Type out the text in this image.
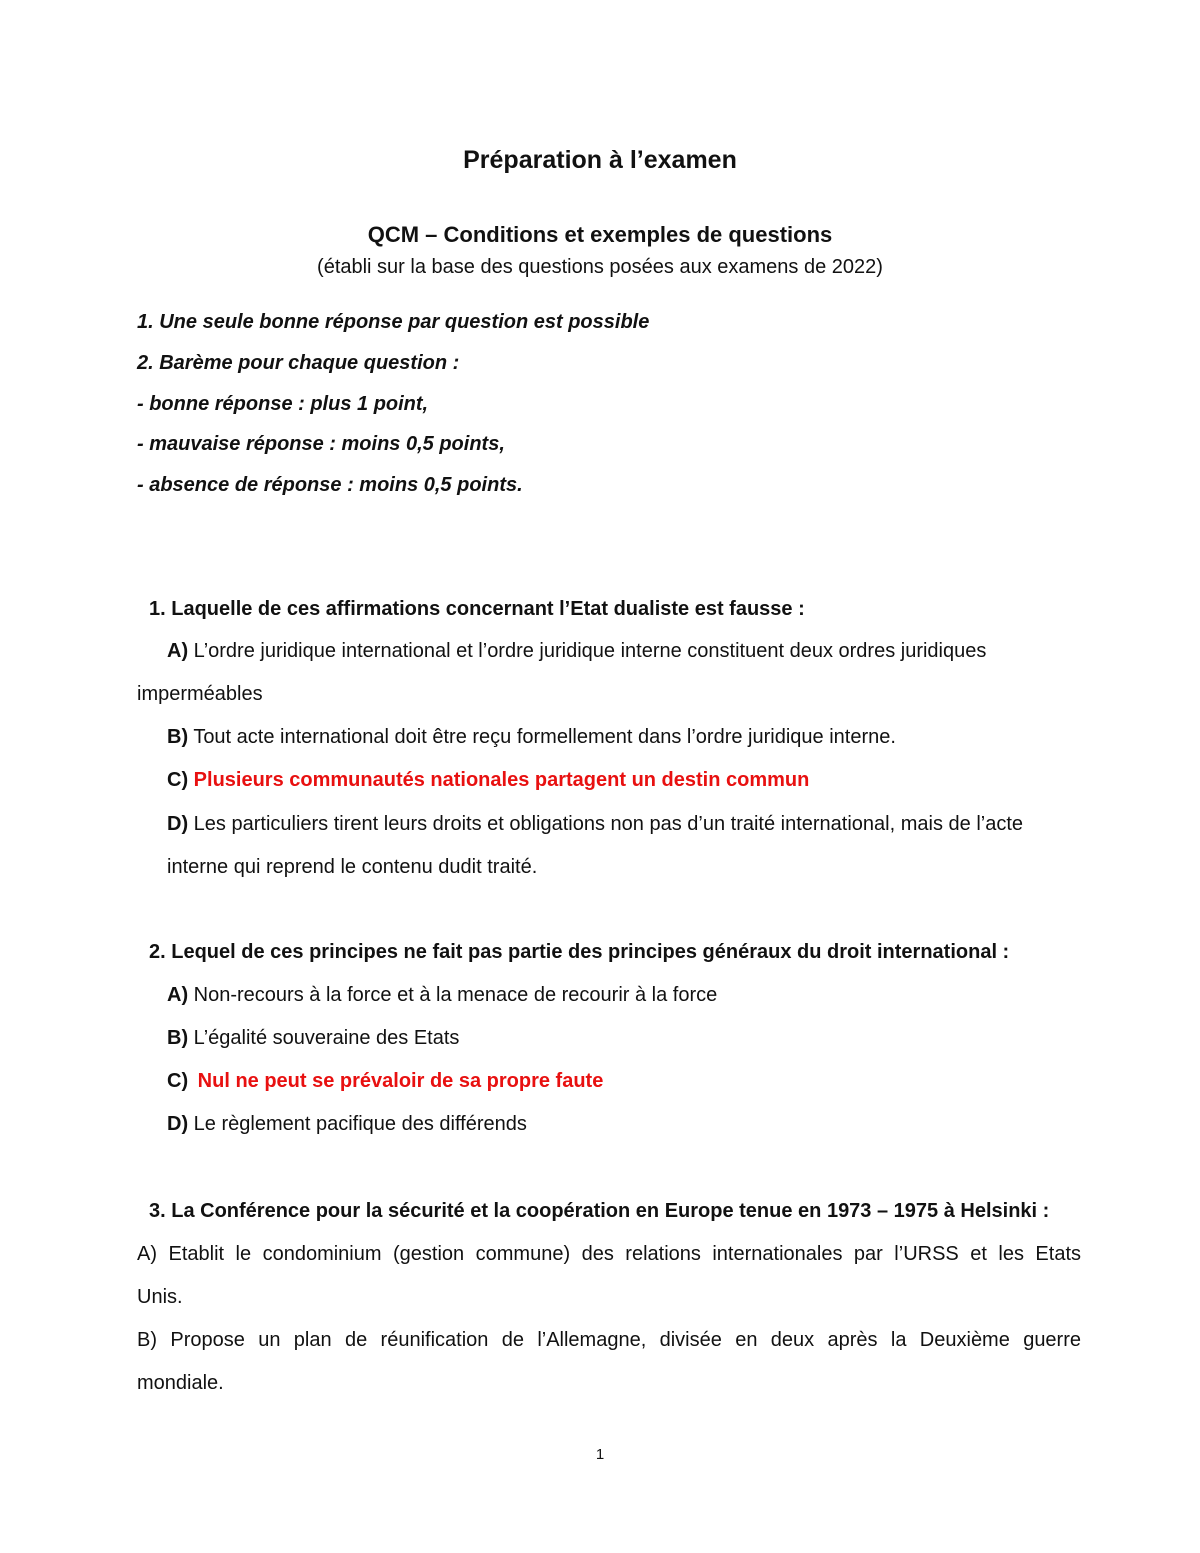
Préparation à l’examen
QCM – Conditions et exemples de questions
(établi sur la base des questions posées aux examens de 2022)
1. Une seule bonne réponse par question est possible
2. Barème pour chaque question :
- bonne réponse : plus 1 point,
- mauvaise réponse : moins 0,5 points,
- absence de réponse : moins 0,5 points.
1. Laquelle de ces affirmations concernant l’Etat dualiste est fausse :
A) L’ordre juridique international et l’ordre juridique interne constituent deux ordres juridiques
imperméables
B) Tout acte international doit être reçu formellement dans l’ordre juridique interne.
C) Plusieurs communautés nationales partagent un destin commun
D) Les particuliers tirent leurs droits et obligations non pas d’un traité international, mais de l’acte
interne qui reprend le contenu dudit traité.
2. Lequel de ces principes ne fait pas partie des principes généraux du droit international :
A) Non-recours à la force et à la menace de recourir à la force
B) L’égalité souveraine des Etats
C) Nul ne peut se prévaloir de sa propre faute
D) Le règlement pacifique des différends
3. La Conférence pour la sécurité et la coopération en Europe tenue en 1973 – 1975 à Helsinki :
A) Etablit le condominium (gestion commune) des relations internationales par l’URSS et les Etats
Unis.
B) Propose un plan de réunification de l’Allemagne, divisée en deux après la Deuxième guerre
mondiale.
1
